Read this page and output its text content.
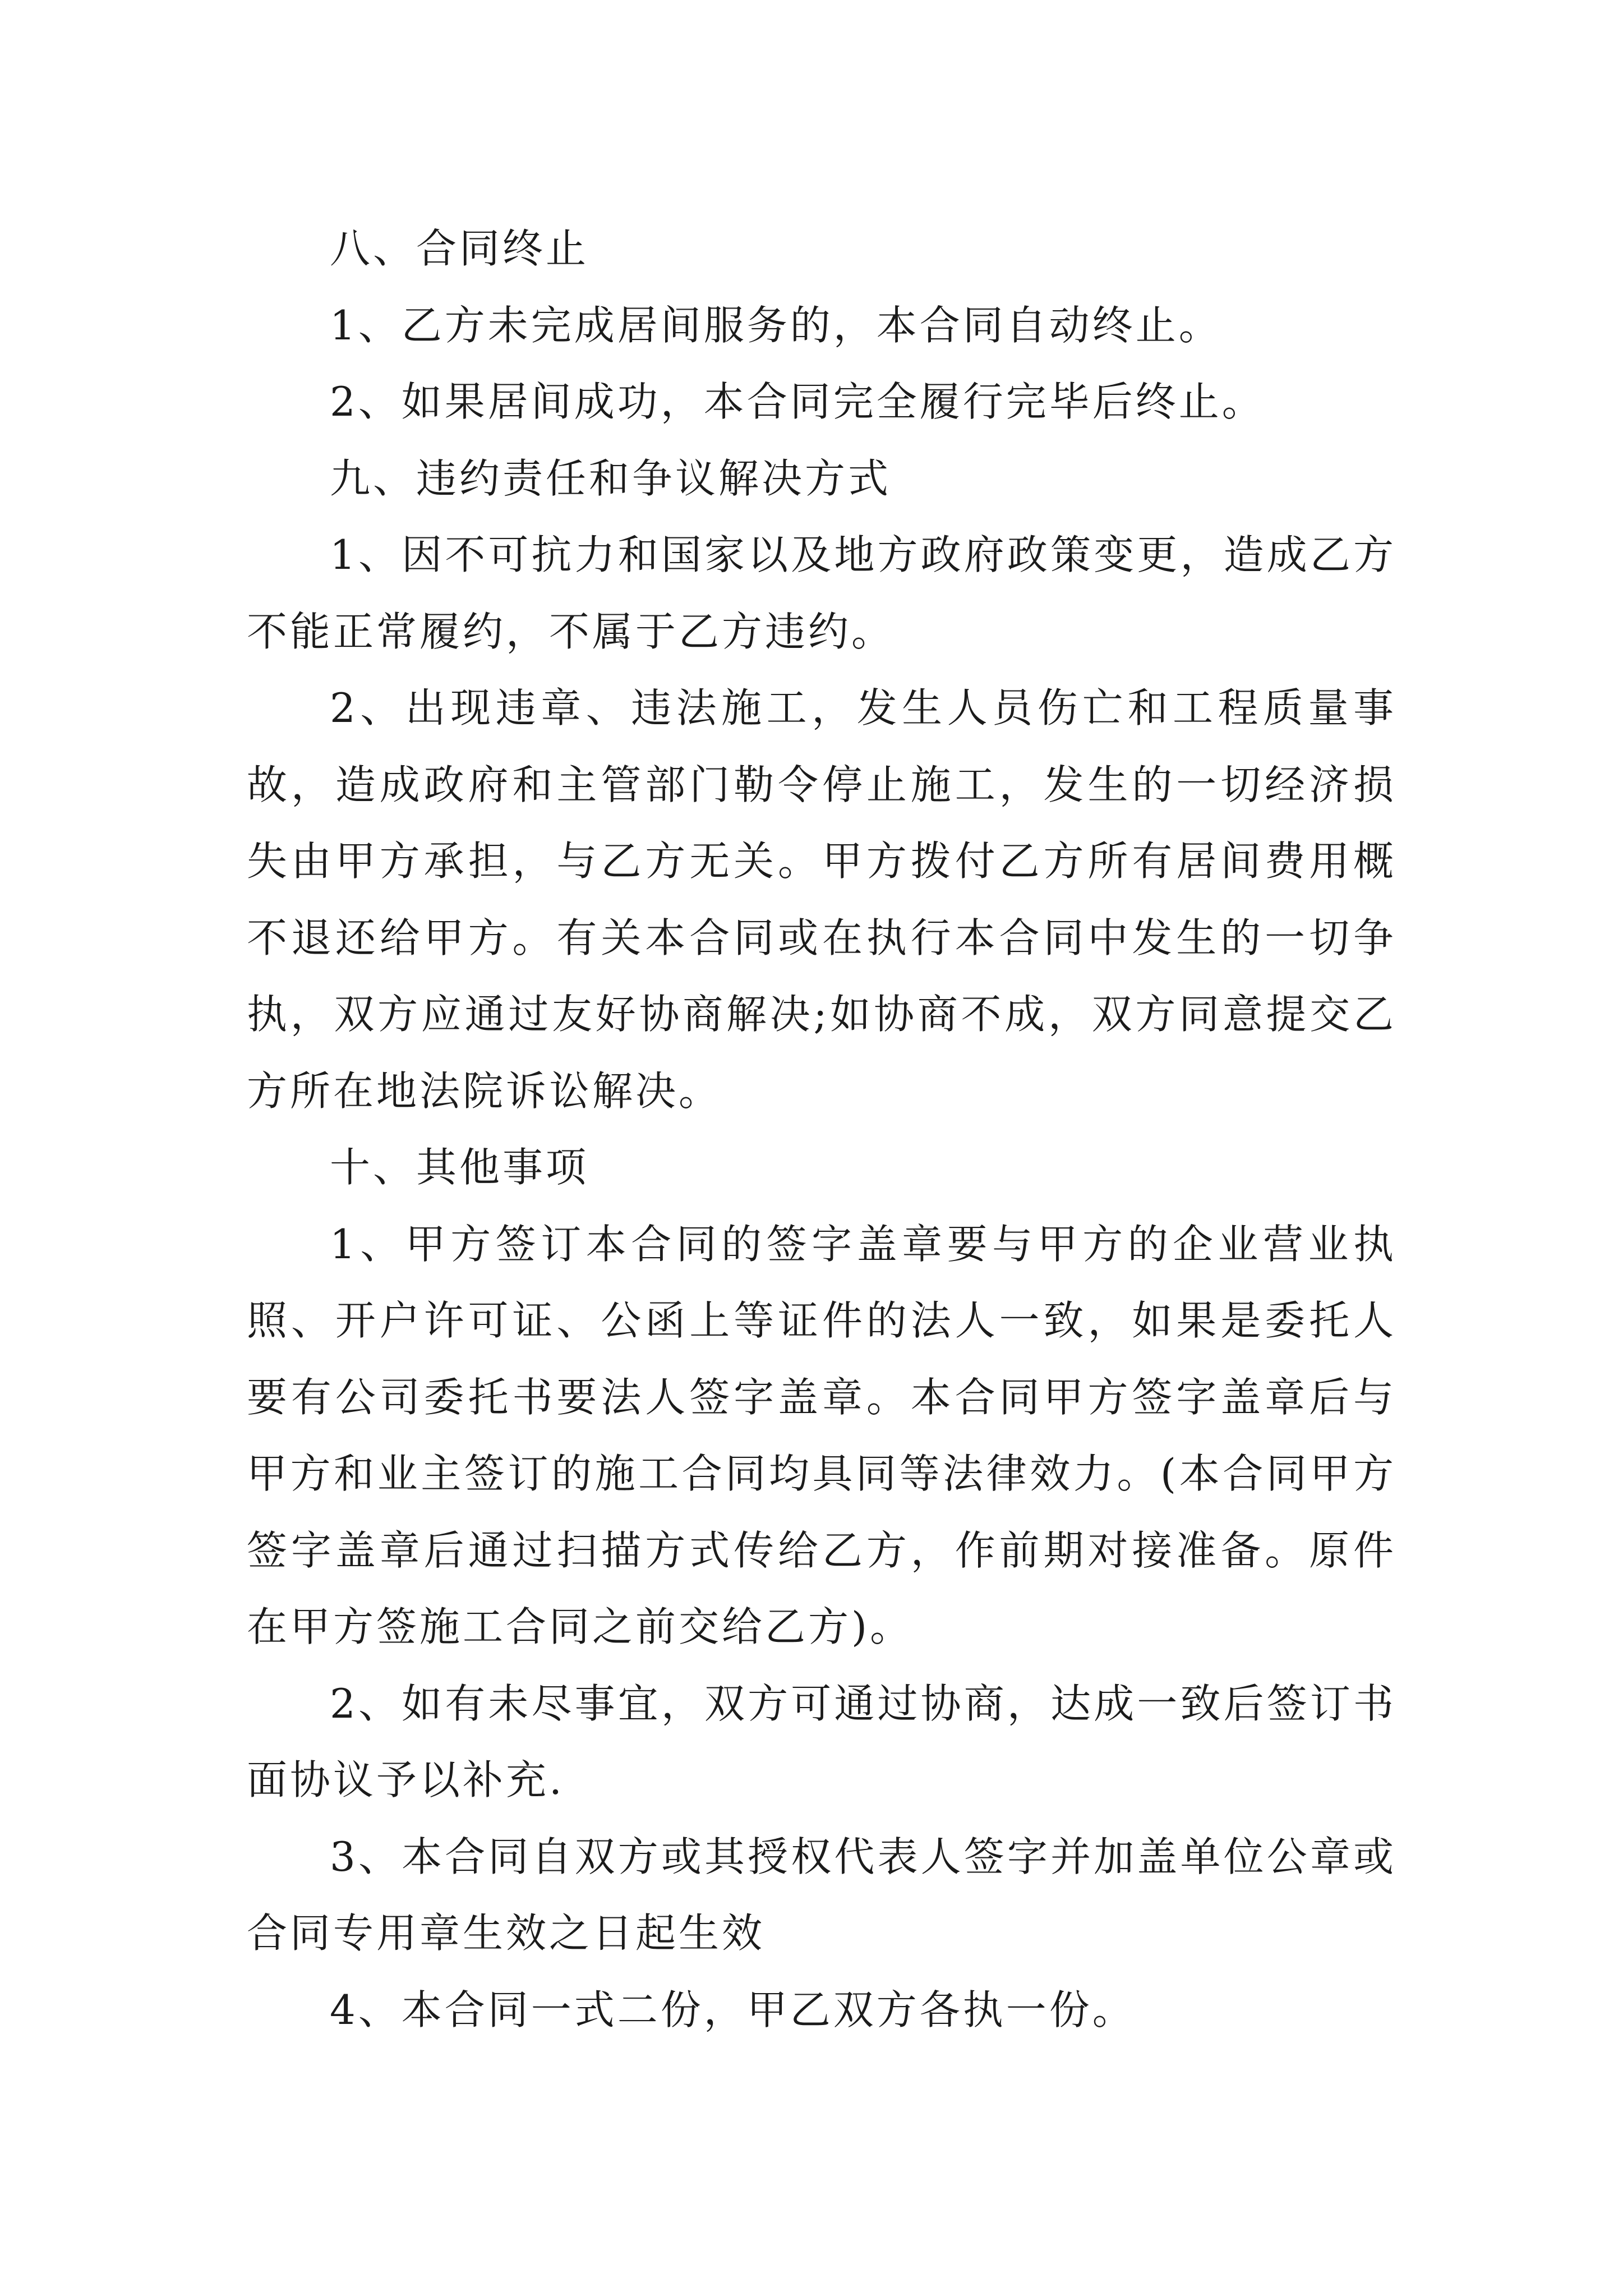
八、合同终止

1、乙方未完成居间服务的，本合同自动终止。

2、如果居间成功，本合同完全履行完毕后终止。

九、违约责任和争议解决方式

1、因不可抗力和国家以及地方政府政策变更，造成乙方不能正常履约，不属于乙方违约。

2、出现违章、违法施工，发生人员伤亡和工程质量事故，造成政府和主管部门勒令停止施工，发生的一切经济损失由甲方承担，与乙方无关。甲方拨付乙方所有居间费用概不退还给甲方。有关本合同或在执行本合同中发生的一切争执，双方应通过友好协商解决;如协商不成，双方同意提交乙方所在地法院诉讼解决。

十、其他事项

1、甲方签订本合同的签字盖章要与甲方的企业营业执照、开户许可证、公函上等证件的法人一致，如果是委托人要有公司委托书要法人签字盖章。本合同甲方签字盖章后与甲方和业主签订的施工合同均具同等法律效力。(本合同甲方签字盖章后通过扫描方式传给乙方，作前期对接准备。原件在甲方签施工合同之前交给乙方)。

2、如有未尽事宜，双方可通过协商，达成一致后签订书面协议予以补充.

3、本合同自双方或其授权代表人签字并加盖单位公章或合同专用章生效之日起生效

4、本合同一式二份，甲乙双方各执一份。
